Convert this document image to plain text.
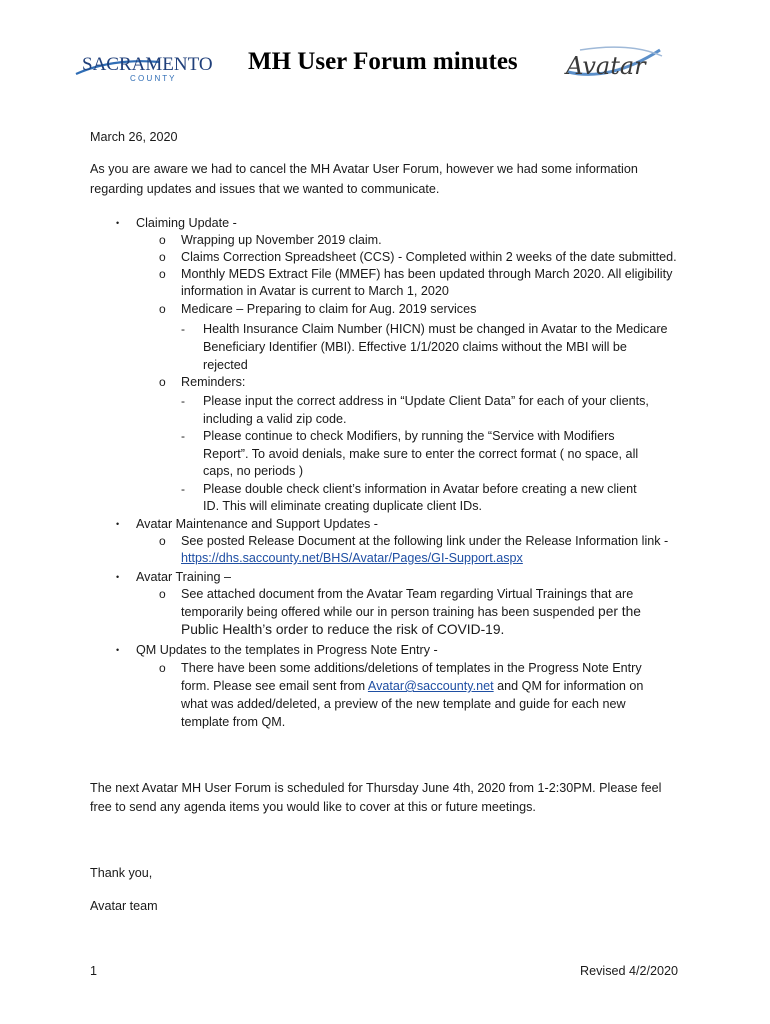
SACRAMENTO
C O U N T Y
MH User Forum minutes Avatar
March 26, 2020
As you are aware we had to cancel the MH Avatar User Forum, however we had some information
regarding updates and issues that we wanted to communicate.
• Claiming Update -
o Wrapping up November 2019 claim.
o Claims Correction Spreadsheet (CCS) - Completed within 2 weeks of the date submitted.
o Monthly MEDS Extract File (MMEF) has been updated through March 2020. All eligibility
information in Avatar is current to March 1, 2020
o Medicare – Preparing to claim for Aug. 2019 services
- Health Insurance Claim Number (HICN) must be changed in Avatar to the Medicare
Beneficiary Identifier (MBI). Effective 1/1/2020 claims without the MBI will be
rejected
o Reminders:
- Please input the correct address in “Update Client Data” for each of your clients,
including a valid zip code.
- Please continue to check Modifiers, by running the “Service with Modifiers
Report”. To avoid denials, make sure to enter the correct format ( no space, all
caps, no periods )
- Please double check client’s information in Avatar before creating a new client
ID. This will eliminate creating duplicate client IDs.
• Avatar Maintenance and Support Updates -
o See posted Release Document at the following link under the Release Information link -
https://dhs.saccounty.net/BHS/Avatar/Pages/GI-Support.aspx
• Avatar Training –
o See attached document from the Avatar Team regarding Virtual Trainings that are
temporarily being offered while our in person training has been suspended per the
Public Health’s order to reduce the risk of COVID-19.
• QM Updates to the templates in Progress Note Entry -
o There have been some additions/deletions of templates in the Progress Note Entry
form. Please see email sent from Avatar@saccounty.net and QM for information on
what was added/deleted, a preview of the new template and guide for each new
template from QM.
The next Avatar MH User Forum is scheduled for Thursday June 4th, 2020 from 1-2:30PM. Please feel
free to send any agenda items you would like to cover at this or future meetings.
Thank you,
Avatar team
1	Revised 4/2/2020
